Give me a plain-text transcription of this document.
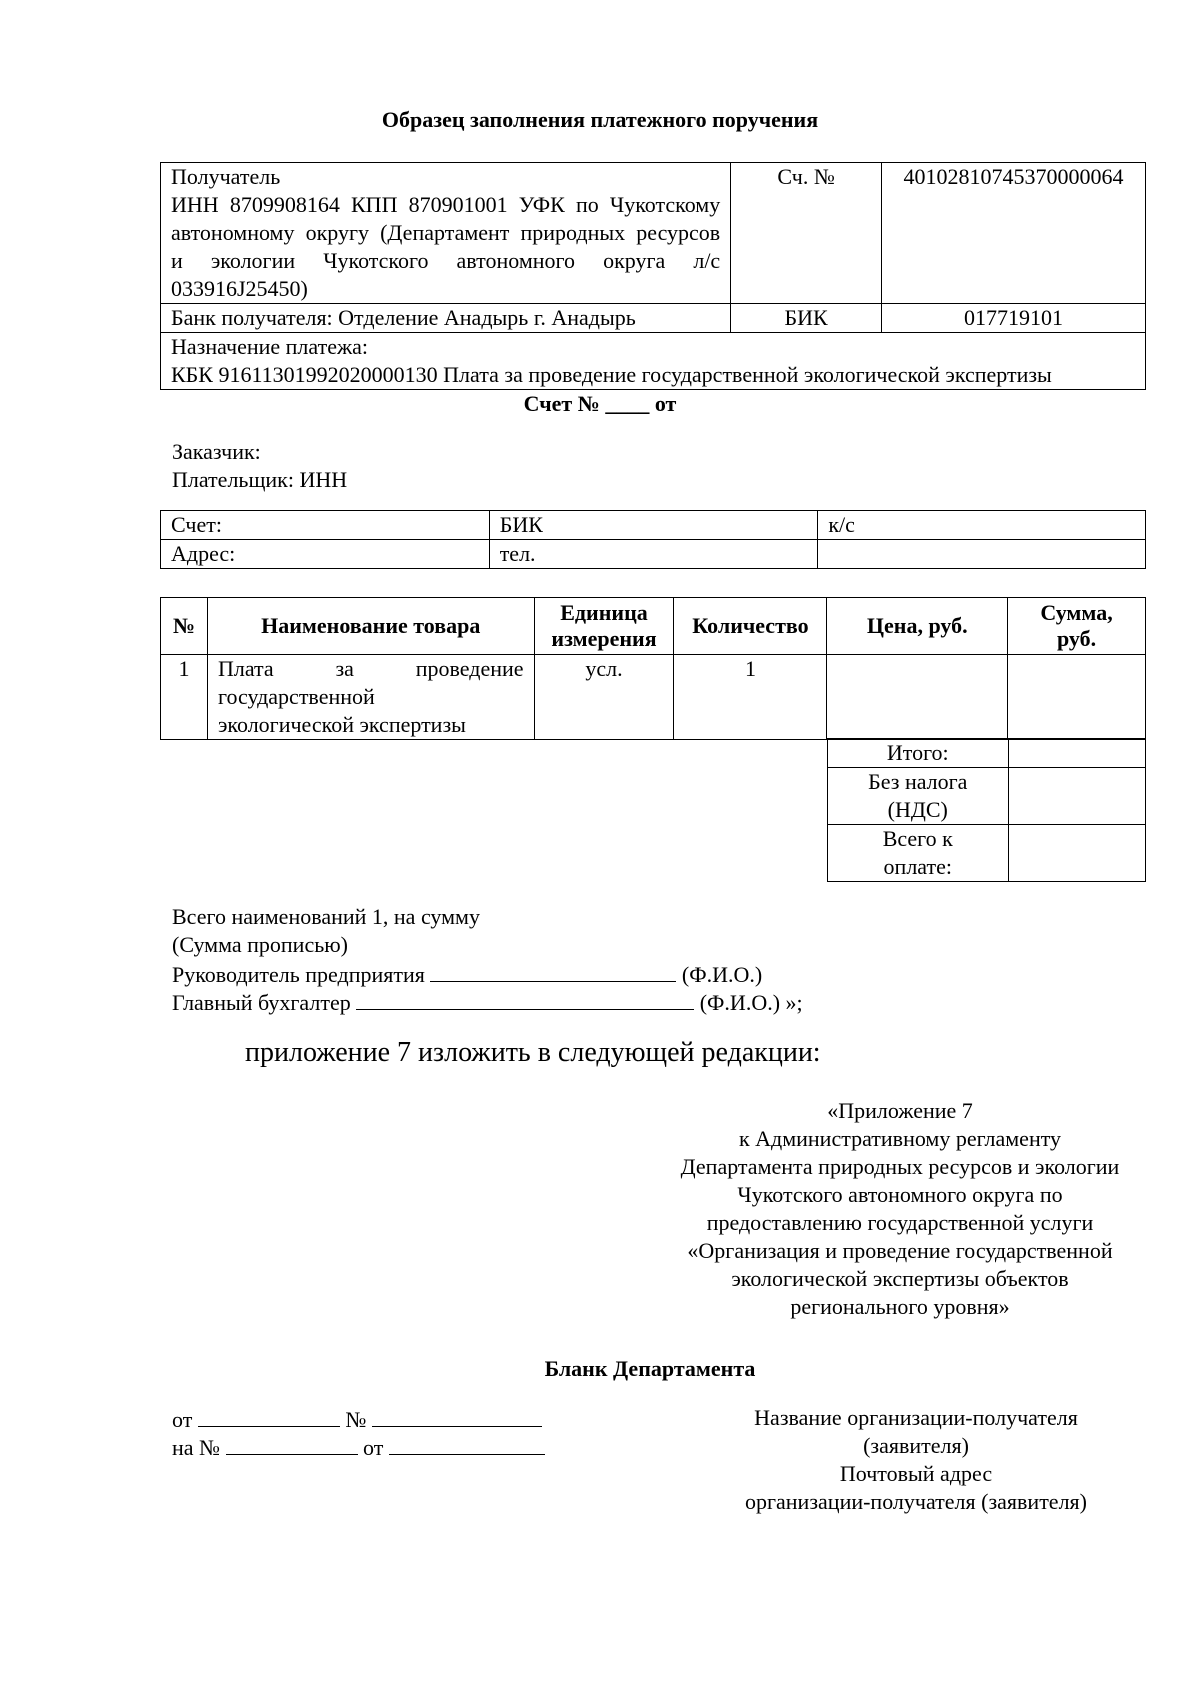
Образец заполнения платежного поручения
Получатель
ИНН 8709908164 КПП 870901001 УФК по Чукотскому
автономному округу (Департамент природных ресурсов
и экологии Чукотского автономного округа л/с
033916J25450)	Сч. №	40102810745370000064
Банк получателя: Отделение Анадырь г. Анадырь	БИК	017719101

Назначение платежа:
КБК 91611301992020000130 Плата за проведение государственной экологической экспертизы		
Счет № ____ от
Заказчик:
Плательщик: ИНН
Счет:	БИК	к/с
Адрес:	тел.	
№	Наименование товара	Единица измерения	Количество	Цена, руб.	Сумма, руб.
1	Плата за проведение
государственной
экологической экспертизы	усл.	1		
Итого:	

Без налога
(НДС)	

Всего к
оплате:	

Всего наименований 1, на сумму
(Сумма прописью)
Руководитель предприятия	(Ф.И.О.)
Главный бухгалтер	(Ф.И.О.) »;
приложение 7 изложить в следующей редакции:
«Приложение 7
к Административному регламенту
Департамента природных ресурсов и экологии
Чукотского автономного округа по
предоставлению государственной услуги
«Организация и проведение государственной
экологической экспертизы объектов
регионального уровня»
Бланк Департамента
от	№
на №	от
Название организации-получателя
(заявителя)
Почтовый адрес
организации-получателя (заявителя)
